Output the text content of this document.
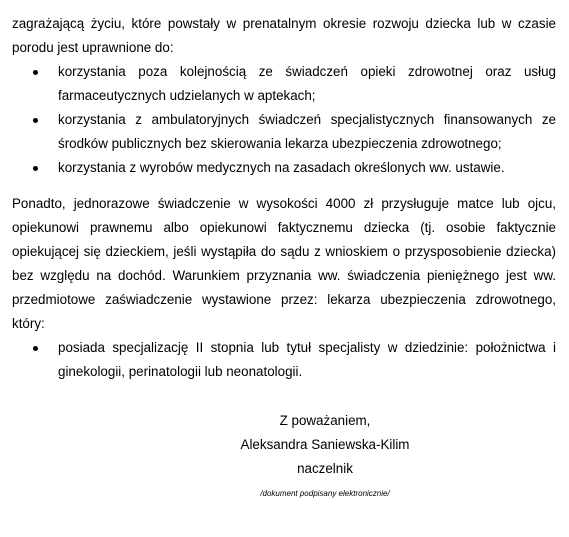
zagrażającą życiu, które powstały w prenatalnym okresie rozwoju dziecka lub w czasie porodu jest uprawnione do:
korzystania poza kolejnością ze świadczeń opieki zdrowotnej oraz usług farmaceutycznych udzielanych w aptekach;
korzystania z ambulatoryjnych świadczeń specjalistycznych finansowanych ze środków publicznych bez skierowania lekarza ubezpieczenia zdrowotnego;
korzystania z wyrobów medycznych na zasadach określonych ww. ustawie.
Ponadto, jednorazowe świadczenie w wysokości 4000 zł przysługuje matce lub ojcu, opiekunowi prawnemu albo opiekunowi faktycznemu dziecka (tj. osobie faktycznie opiekującej się dzieckiem, jeśli wystąpiła do sądu z wnioskiem o przysposobienie dziecka) bez względu na dochód. Warunkiem przyznania ww. świadczenia pieniężnego jest ww. przedmiotowe zaświadczenie wystawione przez: lekarza ubezpieczenia zdrowotnego, który:
posiada specjalizację II stopnia lub tytuł specjalisty w dziedzinie: położnictwa i ginekologii, perinatologii lub neonatologii.
Z poważaniem,
Aleksandra Saniewska-Kilim
naczelnik
/dokument podpisany elektronicznie/
